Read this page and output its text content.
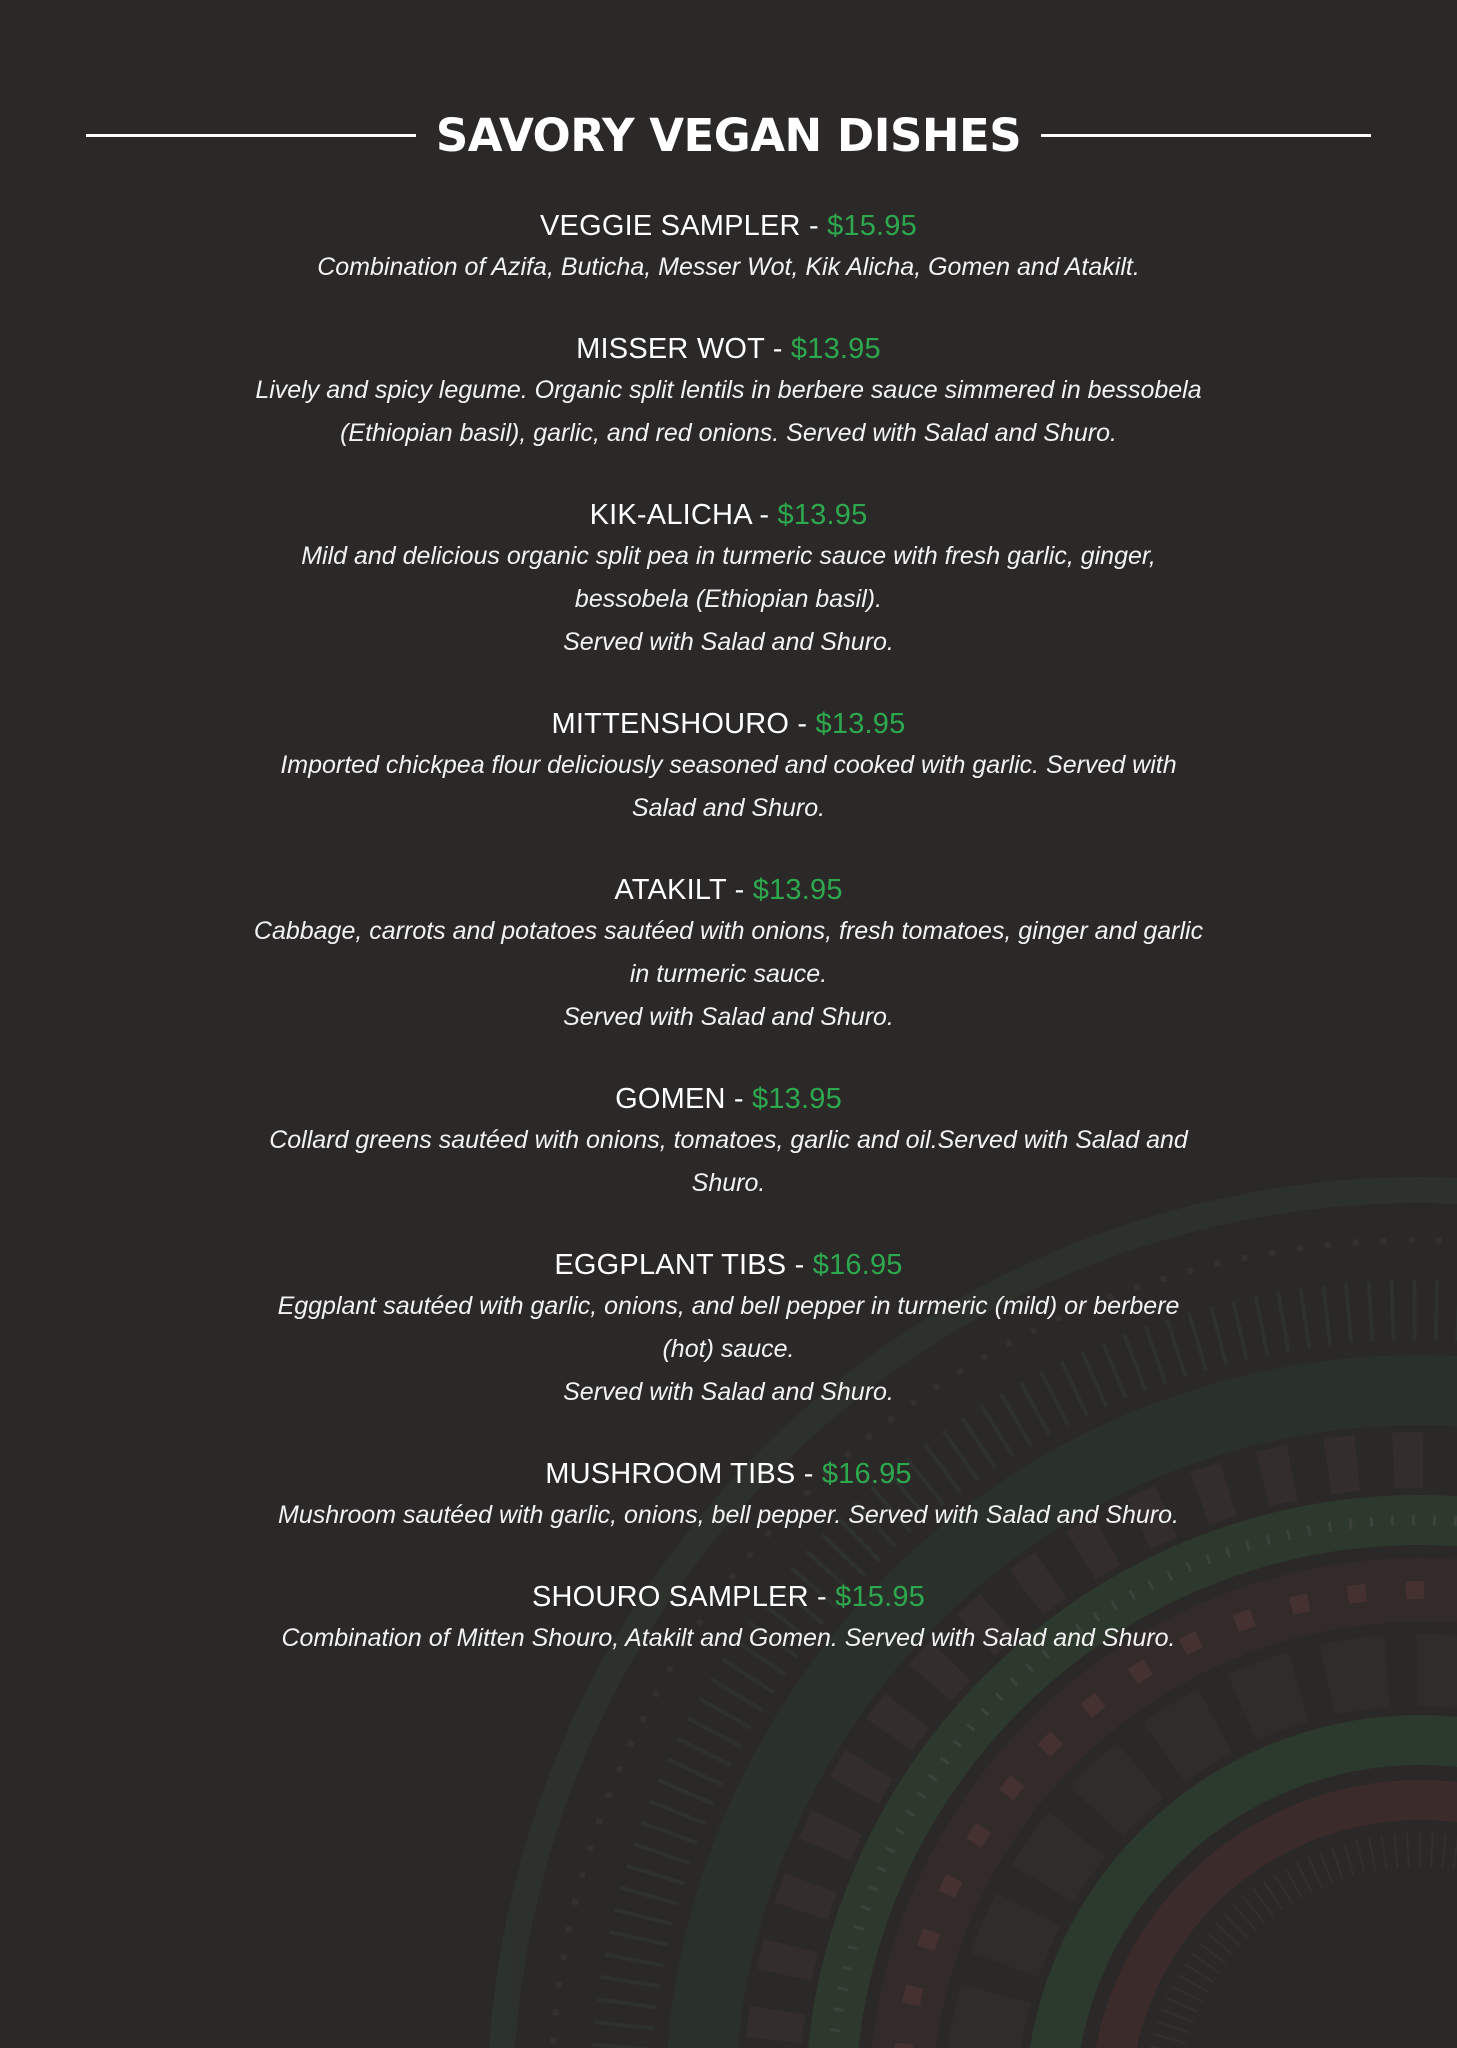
SAVORY VEGAN DISHES
VEGGIE SAMPLER - $15.95
Combination of Azifa, Buticha, Messer Wot, Kik Alicha, Gomen and Atakilt.
MISSER WOT - $13.95
Lively and spicy legume. Organic split lentils in berbere sauce simmered in bessobela
(Ethiopian basil), garlic, and red onions. Served with Salad and Shuro.
KIK-ALICHA - $13.95
Mild and delicious organic split pea in turmeric sauce with fresh garlic, ginger,
bessobela (Ethiopian basil).
Served with Salad and Shuro.
MITTENSHOURO - $13.95
Imported chickpea flour deliciously seasoned and cooked with garlic. Served with
Salad and Shuro.
ATAKILT - $13.95
Cabbage, carrots and potatoes sautéed with onions, fresh tomatoes, ginger and garlic
in turmeric sauce.
Served with Salad and Shuro.
GOMEN - $13.95
Collard greens sautéed with onions, tomatoes, garlic and oil.Served with Salad and
Shuro.
EGGPLANT TIBS - $16.95
Eggplant sautéed with garlic, onions, and bell pepper in turmeric (mild) or berbere
(hot) sauce.
Served with Salad and Shuro.
MUSHROOM TIBS - $16.95
Mushroom sautéed with garlic, onions, bell pepper. Served with Salad and Shuro.
SHOURO SAMPLER - $15.95
Combination of Mitten Shouro, Atakilt and Gomen. Served with Salad and Shuro.
